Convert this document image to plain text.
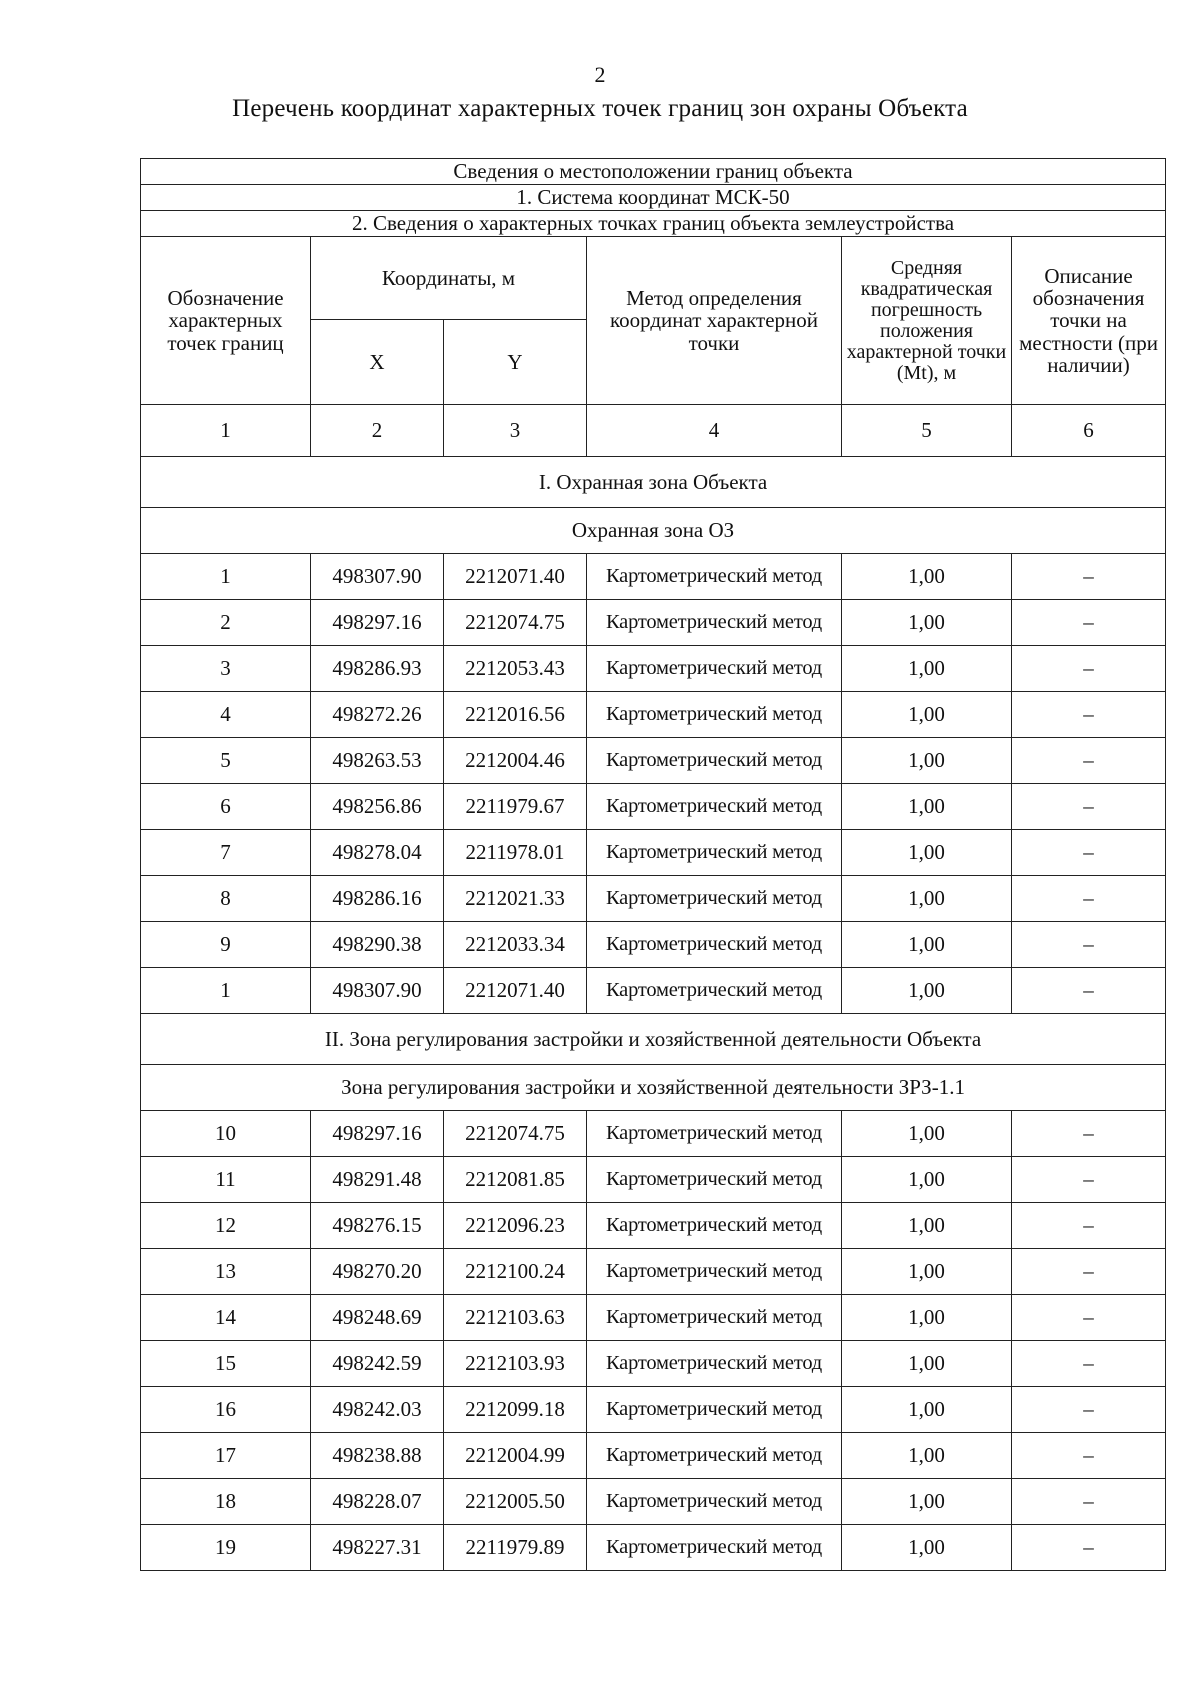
2
Перечень координат характерных точек границ зон охраны Объекта
Сведения о местоположении границ объекта					
1. Система координат МСК-50					
2. Сведения о характерных точках границ объекта землеустройства					
Обозначение характерных точек границ	Координаты, м		Метод определения координат характерной точки	Средняя квадратическая погрешность положения характерной точки (Mt), м	Описание обозначения точки на местности (при наличии)
	X	Y			
1	2	3	4	5	6
I. Охранная зона Объекта					
Охранная зона ОЗ					
1	498307.90	2212071.40	Картометрический метод	1,00	–
2	498297.16	2212074.75	Картометрический метод	1,00	–
3	498286.93	2212053.43	Картометрический метод	1,00	–
4	498272.26	2212016.56	Картометрический метод	1,00	–
5	498263.53	2212004.46	Картометрический метод	1,00	–
6	498256.86	2211979.67	Картометрический метод	1,00	–
7	498278.04	2211978.01	Картометрический метод	1,00	–
8	498286.16	2212021.33	Картометрический метод	1,00	–
9	498290.38	2212033.34	Картометрический метод	1,00	–
1	498307.90	2212071.40	Картометрический метод	1,00	–
II. Зона регулирования застройки и хозяйственной деятельности Объекта					
Зона регулирования застройки и хозяйственной деятельности ЗРЗ-1.1					
10	498297.16	2212074.75	Картометрический метод	1,00	–
11	498291.48	2212081.85	Картометрический метод	1,00	–
12	498276.15	2212096.23	Картометрический метод	1,00	–
13	498270.20	2212100.24	Картометрический метод	1,00	–
14	498248.69	2212103.63	Картометрический метод	1,00	–
15	498242.59	2212103.93	Картометрический метод	1,00	–
16	498242.03	2212099.18	Картометрический метод	1,00	–
17	498238.88	2212004.99	Картометрический метод	1,00	–
18	498228.07	2212005.50	Картометрический метод	1,00	–
19	498227.31	2211979.89	Картометрический метод	1,00	–
